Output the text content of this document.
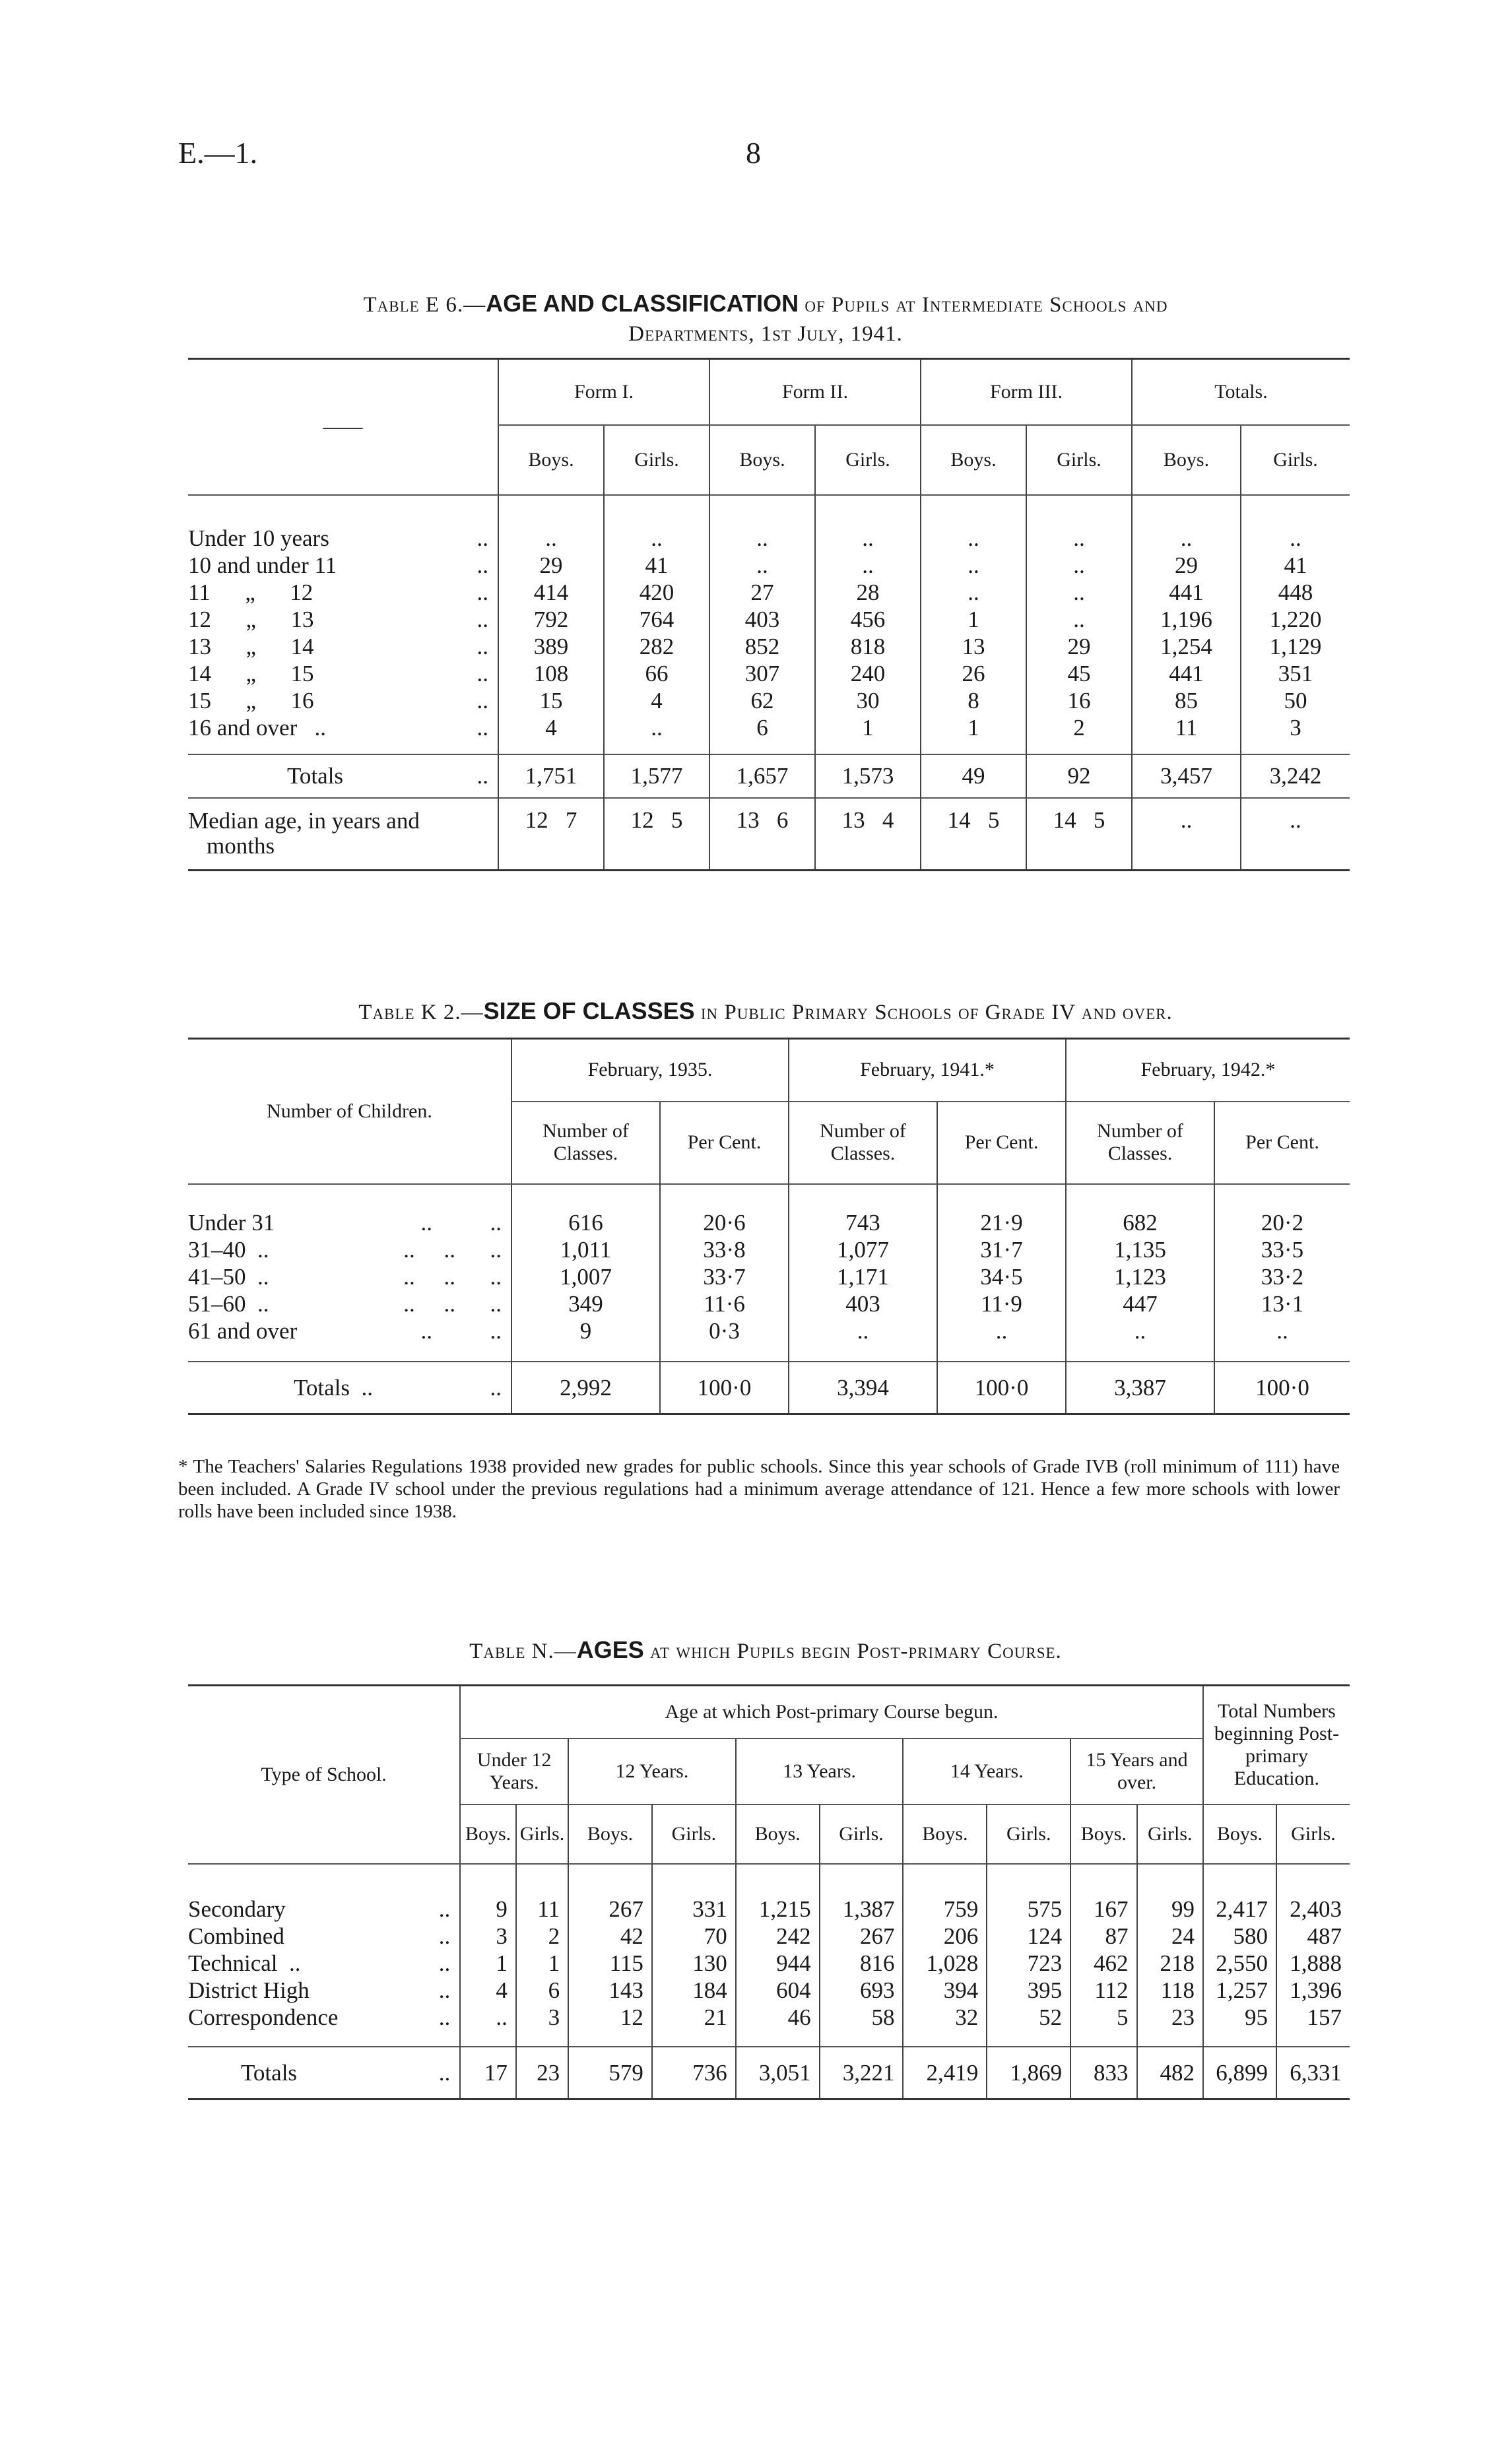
E.—1.	8
Table E 6.—AGE AND CLASSIFICATION of Pupils at Intermediate Schools and
Departments, 1st July, 1941.
——	Form I.		Form II.		Form III.		Totals.	
	Boys.	Girls.	Boys.	Girls.	Boys.	Girls.	Boys.	Girls.

Under 10 years ..	..	..	..	..	..	..	..	..
10 and under 11 ..	29	41	..	..	..	..	29	41
11      „      12 ..	414	420	27	28	..	..	441	448
12      „      13 ..	792	764	403	456	1	..	1,196	1,220
13      „      14 ..	389	282	852	818	13	29	1,254	1,129
14      „      15 ..	108	66	307	240	26	45	441	351
15      „      16 ..	15	4	62	30	8	16	85	50
16 and over   .. ..	4	..	6	1	1	2	11	3

Totals ..	1,751	1,577	1,657	1,573	49	92	3,457	3,242
Median age, in years and
months	12   7	12   5	13   6	13   4	14   5	14   5	..	..
Table K 2.—SIZE OF CLASSES in Public Primary Schools of Grade IV and over.
Number of Children.	February, 1935.		February, 1941.*		February, 1942.*	
	Number of Classes.	Per Cent.	Number of Classes.	Per Cent.	Number of Classes.	Per Cent.

Under 31 ..          ..	616	20·6	743	21·9	682	20·2
31–40  .. ..     ..      ..	1,011	33·8	1,077	31·7	1,135	33·5
41–50  .. ..     ..      ..	1,007	33·7	1,171	34·5	1,123	33·2
51–60  .. ..     ..      ..	349	11·6	403	11·9	447	13·1
61 and over ..          ..	9	0·3	..	..	..	..

Totals  .. ..	2,992	100·0	3,394	100·0	3,387	100·0
* The Teachers' Salaries Regulations 1938 provided new grades for public schools. Since this year schools of Grade IVB (roll minimum of 111) have been included. A Grade IV school under the previous regulations had a minimum average attendance of 121. Hence a few more schools with lower rolls have been included since 1938.
Table N.—AGES at which Pupils begin Post-primary Course.
Type of School.	Age at which Post-primary Course begun.										Total Numbers beginning Post-primary Education.	
	Under 12 Years.		12 Years.		13 Years.		14 Years.		15 Years and over.			
	Boys.	Girls.	Boys.	Girls.	Boys.	Girls.	Boys.	Girls.	Boys.	Girls.	Boys.	Girls.

Secondary ..	9	11	267	331	1,215	1,387	759	575	167	99	2,417	2,403
Combined ..	3	2	42	70	242	267	206	124	87	24	580	487
Technical  .. ..	1	1	115	130	944	816	1,028	723	462	218	2,550	1,888
District High ..	4	6	143	184	604	693	394	395	112	118	1,257	1,396
Correspondence ..	..	3	12	21	46	58	32	52	5	23	95	157

Totals ..	17	23	579	736	3,051	3,221	2,419	1,869	833	482	6,899	6,331
